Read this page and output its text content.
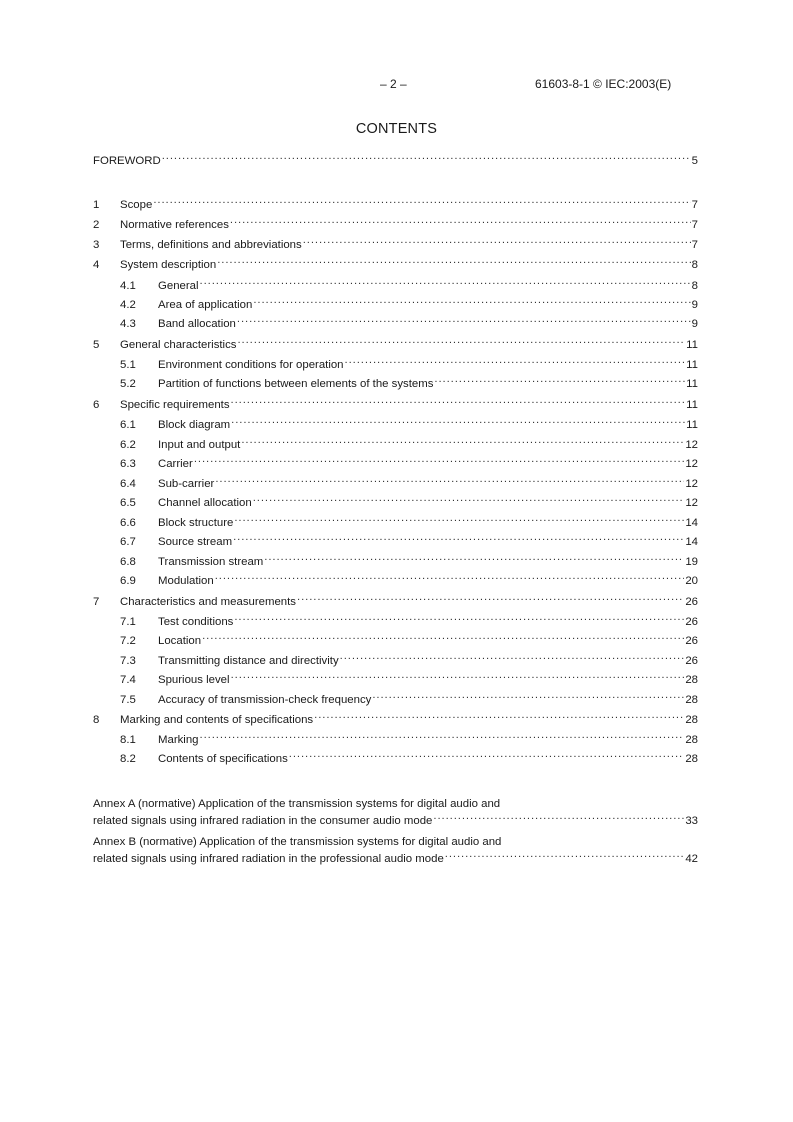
– 2 –	61603-8-1 © IEC:2003(E)
CONTENTS
FOREWORD .....	5
1	Scope .....	7
2	Normative references .....	7
3	Terms, definitions and abbreviations .....	7
4	System description .....	8
4.1	General .....	8
4.2	Area of application .....	9
4.3	Band allocation .....	9
5	General characteristics .....	11
5.1	Environment conditions for operation .....	11
5.2	Partition of functions between elements of the systems .....	11
6	Specific requirements .....	11
6.1	Block diagram .....	11
6.2	Input and output .....	12
6.3	Carrier .....	12
6.4	Sub-carrier .....	12
6.5	Channel allocation .....	12
6.6	Block structure .....	14
6.7	Source stream .....	14
6.8	Transmission stream .....	19
6.9	Modulation .....	20
7	Characteristics and measurements .....	26
7.1	Test conditions .....	26
7.2	Location .....	26
7.3	Transmitting distance and directivity .....	26
7.4	Spurious level .....	28
7.5	Accuracy of transmission-check frequency .....	28
8	Marking and contents of specifications .....	28
8.1	Marking .....	28
8.2	Contents of specifications .....	28
Annex A (normative) Application of the transmission systems for digital audio and
related signals using infrared radiation in the consumer audio mode .....	33
Annex B (normative) Application of the transmission systems for digital audio and
related signals using infrared radiation in the professional audio mode .....	42
